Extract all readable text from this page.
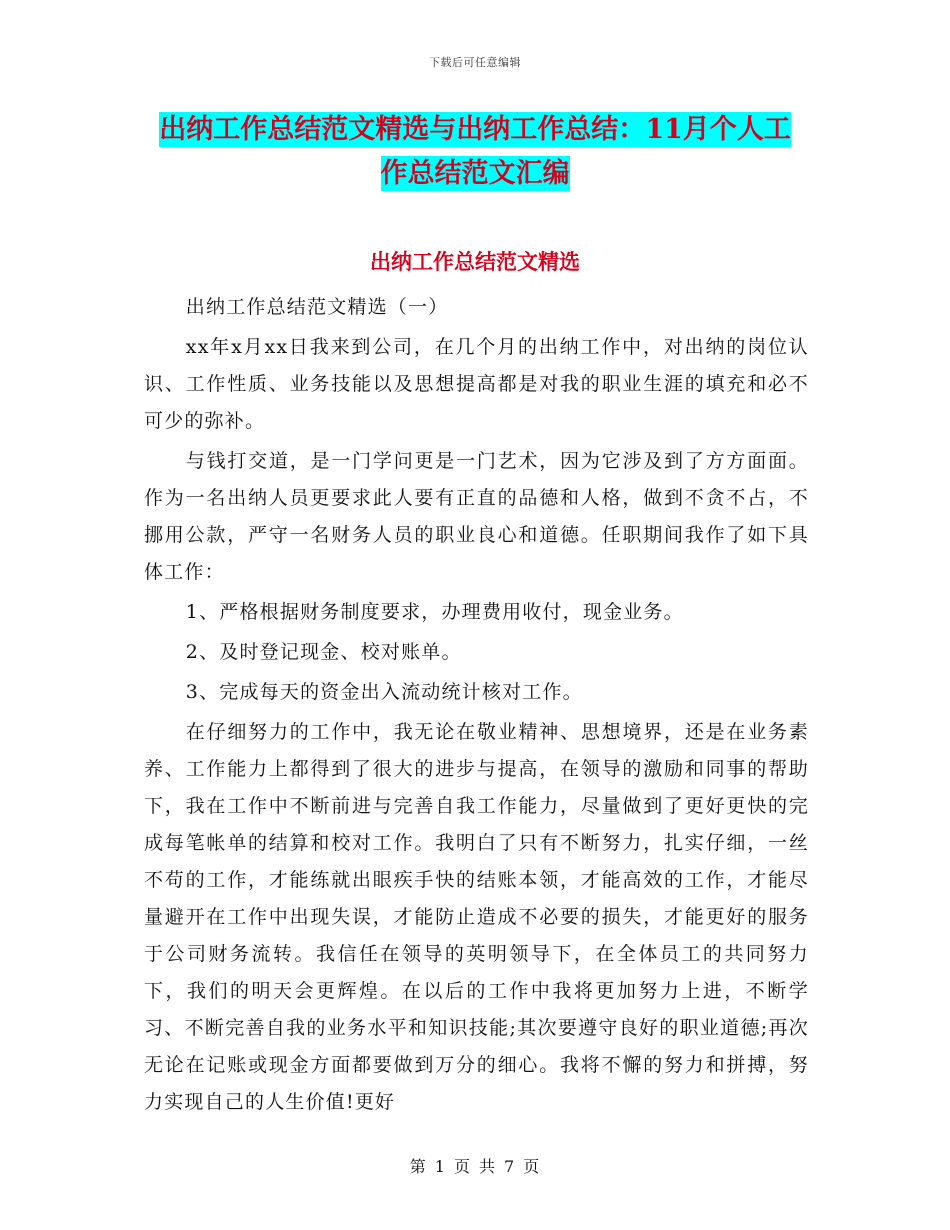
下载后可任意编辑
出纳工作总结范文精选与出纳工作总结：11月个人工
作总结范文汇编
出纳工作总结范文精选

出纳工作总结范文精选（一）

xx年x月xx日我来到公司，在几个月的出纳工作中，对出纳的岗位认识、工作性质、业务技能以及思想提高都是对我的职业生涯的填充和必不可少的弥补。

与钱打交道，是一门学问更是一门艺术，因为它涉及到了方方面面。作为一名出纳人员更要求此人要有正直的品德和人格，做到不贪不占，不挪用公款，严守一名财务人员的职业良心和道德。任职期间我作了如下具体工作：

1、严格根据财务制度要求，办理费用收付，现金业务。

2、及时登记现金、校对账单。

3、完成每天的资金出入流动统计核对工作。

在仔细努力的工作中，我无论在敬业精神、思想境界，还是在业务素养、工作能力上都得到了很大的进步与提高，在领导的激励和同事的帮助下，我在工作中不断前进与完善自我工作能力，尽量做到了更好更快的完成每笔帐单的结算和校对工作。我明白了只有不断努力，扎实仔细，一丝不苟的工作，才能练就出眼疾手快的结账本领，才能高效的工作，才能尽量避开在工作中出现失误，才能防止造成不必要的损失，才能更好的服务于公司财务流转。我信任在领导的英明领导下，在全体员工的共同努力下，我们的明天会更辉煌。在以后的工作中我将更加努力上进，不断学习、不断完善自我的业务水平和知识技能;其次要遵守良好的职业道德;再次无论在记账或现金方面都要做到万分的细心。我将不懈的努力和拼搏，努力实现自己的人生价值!更好

第 1 页 共 7 页
